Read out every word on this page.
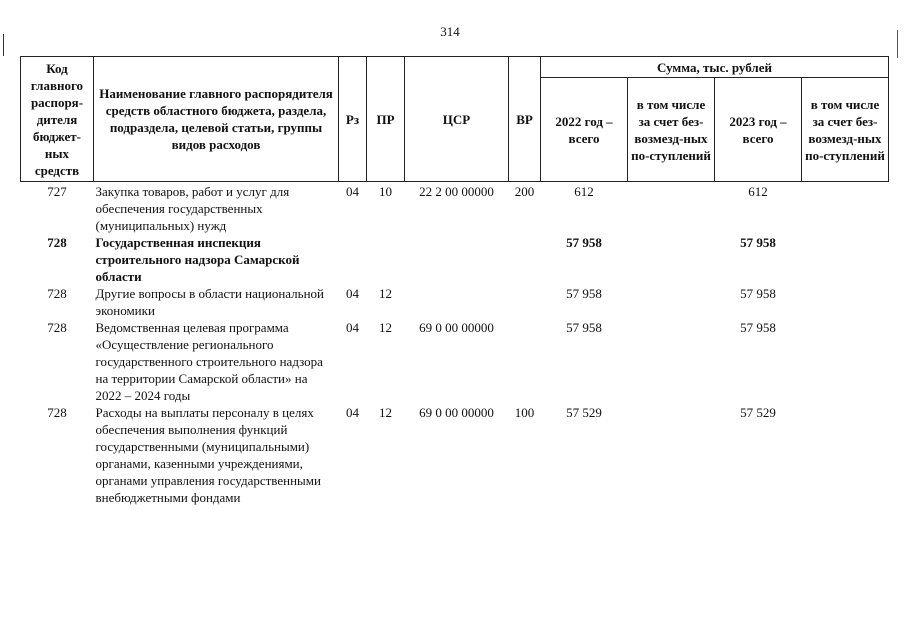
314
Код главного распоря-дителя бюджет-ных средств	Наименование главного распорядителя средств областного бюджета, раздела, подраздела, целевой статьи, группы видов расходов	Рз	ПР	ЦСР	ВР	Сумма, тыс. рублей			
						2022 год – всего	в том числе за счет без-возмезд-ных по-ступлений	2023 год – всего	в том числе за счет без-возмезд-ных по-ступлений
727	Закупка товаров, работ и услуг для обеспечения государственных (муниципальных) нужд	04	10	22 2 00 00000	200	612		612	
728	Государственная инспекция строительного надзора Самарской области					57 958		57 958	
728	Другие вопросы в области национальной экономики	04	12			57 958		57 958	
728	Ведомственная целевая программа «Осуществление регионального государственного строительного надзора на территории Самарской области» на 2022 – 2024 годы	04	12	69 0 00 00000		57 958		57 958	
728	Расходы на выплаты персоналу в целях обеспечения выполнения функций государственными (муниципальными) органами, казенными учреждениями, органами управления государственными внебюджетными фондами	04	12	69 0 00 00000	100	57 529		57 529	
